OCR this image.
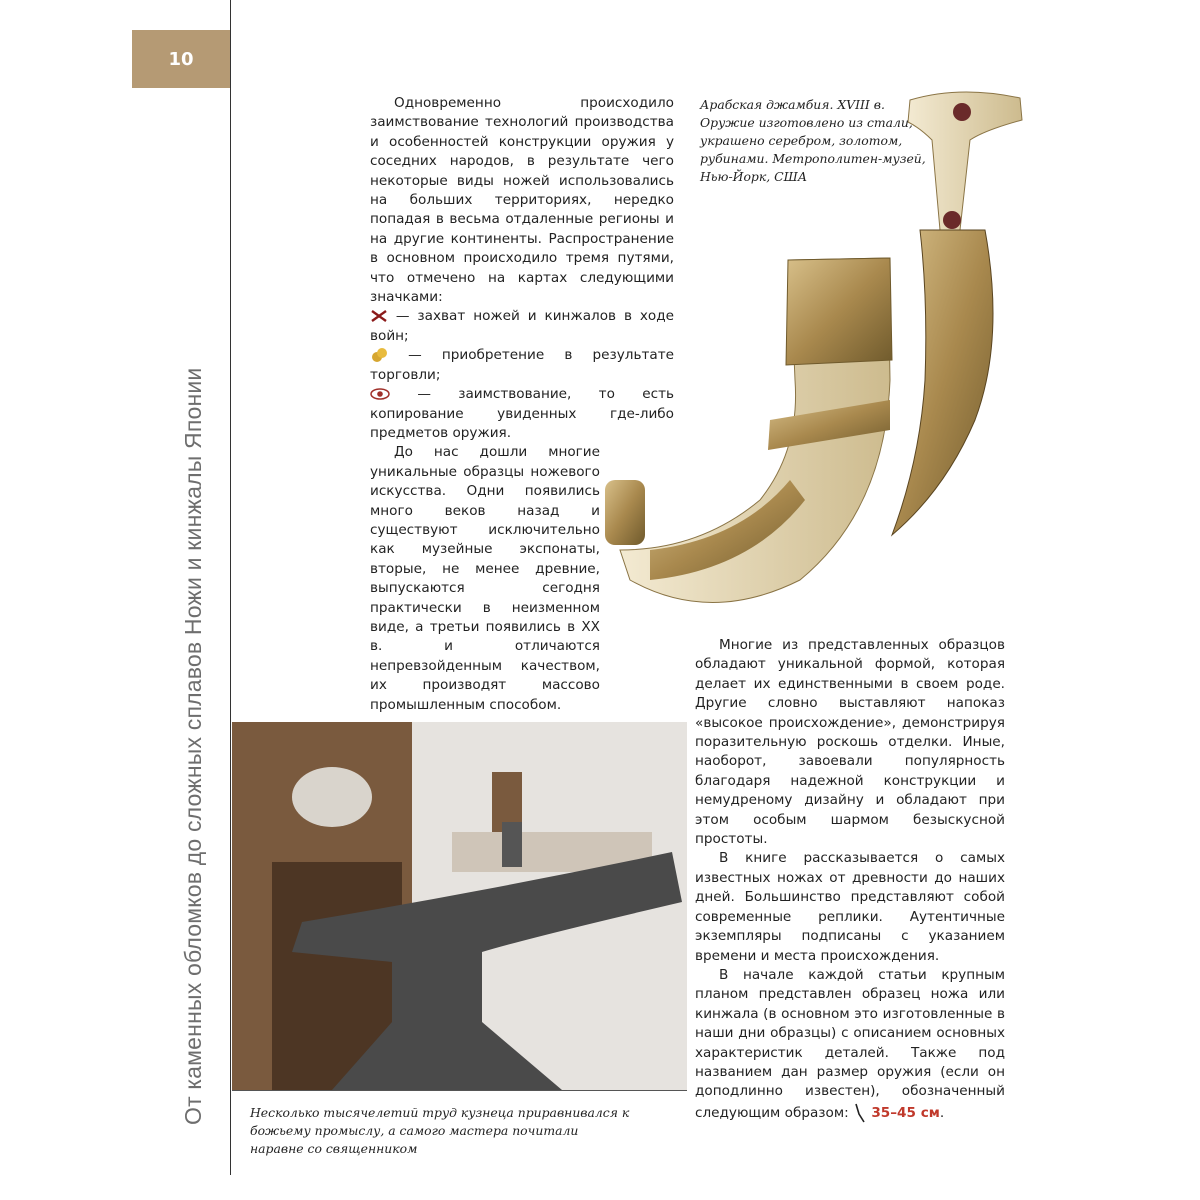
10
От каменных обломков до сложных сплавов Ножи и кинжалы Японии
Арабская джамбия. XVIII в. Оружие изготовлено из стали, украшено серебром, золотом, рубинами. Метрополитен-музей, Нью-Йорк, США

Одновременно происходило заимствование технологий производства и особенностей конструкции оружия у соседних народов, в результате чего некоторые виды ножей использовались на больших территориях, нередко попадая в весьма отдаленные регионы и на другие континенты. Распространение в основном происходило тремя путями, что отмечено на картах следующими значками:

— захват ножей и кинжалов в ходе войн;

— приобретение в результате торговли;

— заимствование, то есть копирование увиденных где-либо предметов оружия.

До нас дошли многие уникальные образцы ножевого искусства. Одни появились много веков назад и существуют исключительно как музейные экспонаты, вторые, не менее древние, выпускаются сегодня практически в неизменном виде, а третьи появились в XX в. и отличаются непревзойденным качеством, их производят массово промышленным способом.

Несколько тысячелетий труд кузнеца приравнивался к божьему промыслу, а самого мастера почитали наравне со священником

Многие из представленных образцов обладают уникальной формой, которая делает их единственными в своем роде. Другие словно выставляют напоказ «высокое происхождение», демонстрируя поразительную роскошь отделки. Иные, наоборот, завоевали популярность благодаря надежной конструкции и немудреному дизайну и обладают при этом особым шармом безыскусной простоты.

В книге рассказывается о самых известных ножах от древности до наших дней. Большинство представляют собой современные реплики. Аутентичные экземпляры подписаны с указанием времени и места происхождения.

В начале каждой статьи крупным планом представлен образец ножа или кинжала (в основном это изготовленные в наши дни образцы) с описанием основных характеристик деталей. Также под названием дан размер оружия (если он доподлинно известен), обозначенный следующим образом: 35–45 см.
